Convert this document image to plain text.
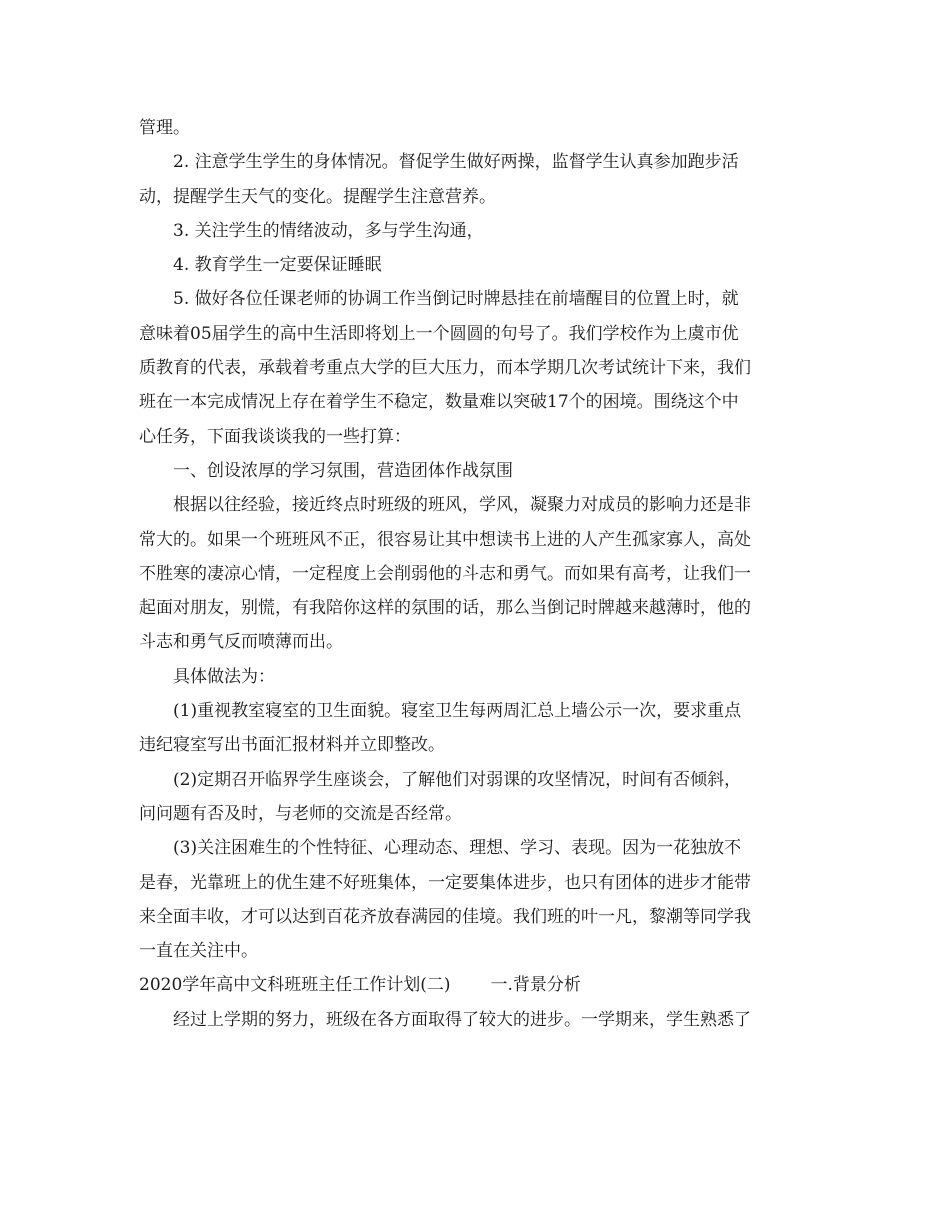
管理。
2. 注意学生学生的身体情况。督促学生做好两操，监督学生认真参加跑步活
动，提醒学生天气的变化。提醒学生注意营养。
3. 关注学生的情绪波动，多与学生沟通，
4. 教育学生一定要保证睡眠
5. 做好各位任课老师的协调工作当倒记时牌悬挂在前墙醒目的位置上时，就
意味着05届学生的高中生活即将划上一个圆圆的句号了。我们学校作为上虞市优
质教育的代表，承载着考重点大学的巨大压力，而本学期几次考试统计下来，我们
班在一本完成情况上存在着学生不稳定，数量难以突破17个的困境。围绕这个中
心任务，下面我谈谈我的一些打算：
一、创设浓厚的学习氛围，营造团体作战氛围
根据以往经验，接近终点时班级的班风，学风，凝聚力对成员的影响力还是非
常大的。如果一个班班风不正，很容易让其中想读书上进的人产生孤家寡人，高处
不胜寒的凄凉心情，一定程度上会削弱他的斗志和勇气。而如果有高考，让我们一
起面对朋友，别慌，有我陪你这样的氛围的话，那么当倒记时牌越来越薄时，他的
斗志和勇气反而喷薄而出。
具体做法为：
(1)重视教室寝室的卫生面貌。寝室卫生每两周汇总上墙公示一次，要求重点
违纪寝室写出书面汇报材料并立即整改。
(2)定期召开临界学生座谈会，了解他们对弱课的攻坚情况，时间有否倾斜，
问问题有否及时，与老师的交流是否经常。
(3)关注困难生的个性特征、心理动态、理想、学习、表现。因为一花独放不
是春，光靠班上的优生建不好班集体，一定要集体进步，也只有团体的进步才能带
来全面丰收，才可以达到百花齐放春满园的佳境。我们班的叶一凡，黎潮等同学我
一直在关注中。
2020学年高中文科班班主任工作计划(二) 一.背景分析
经过上学期的努力，班级在各方面取得了较大的进步。一学期来，学生熟悉了
